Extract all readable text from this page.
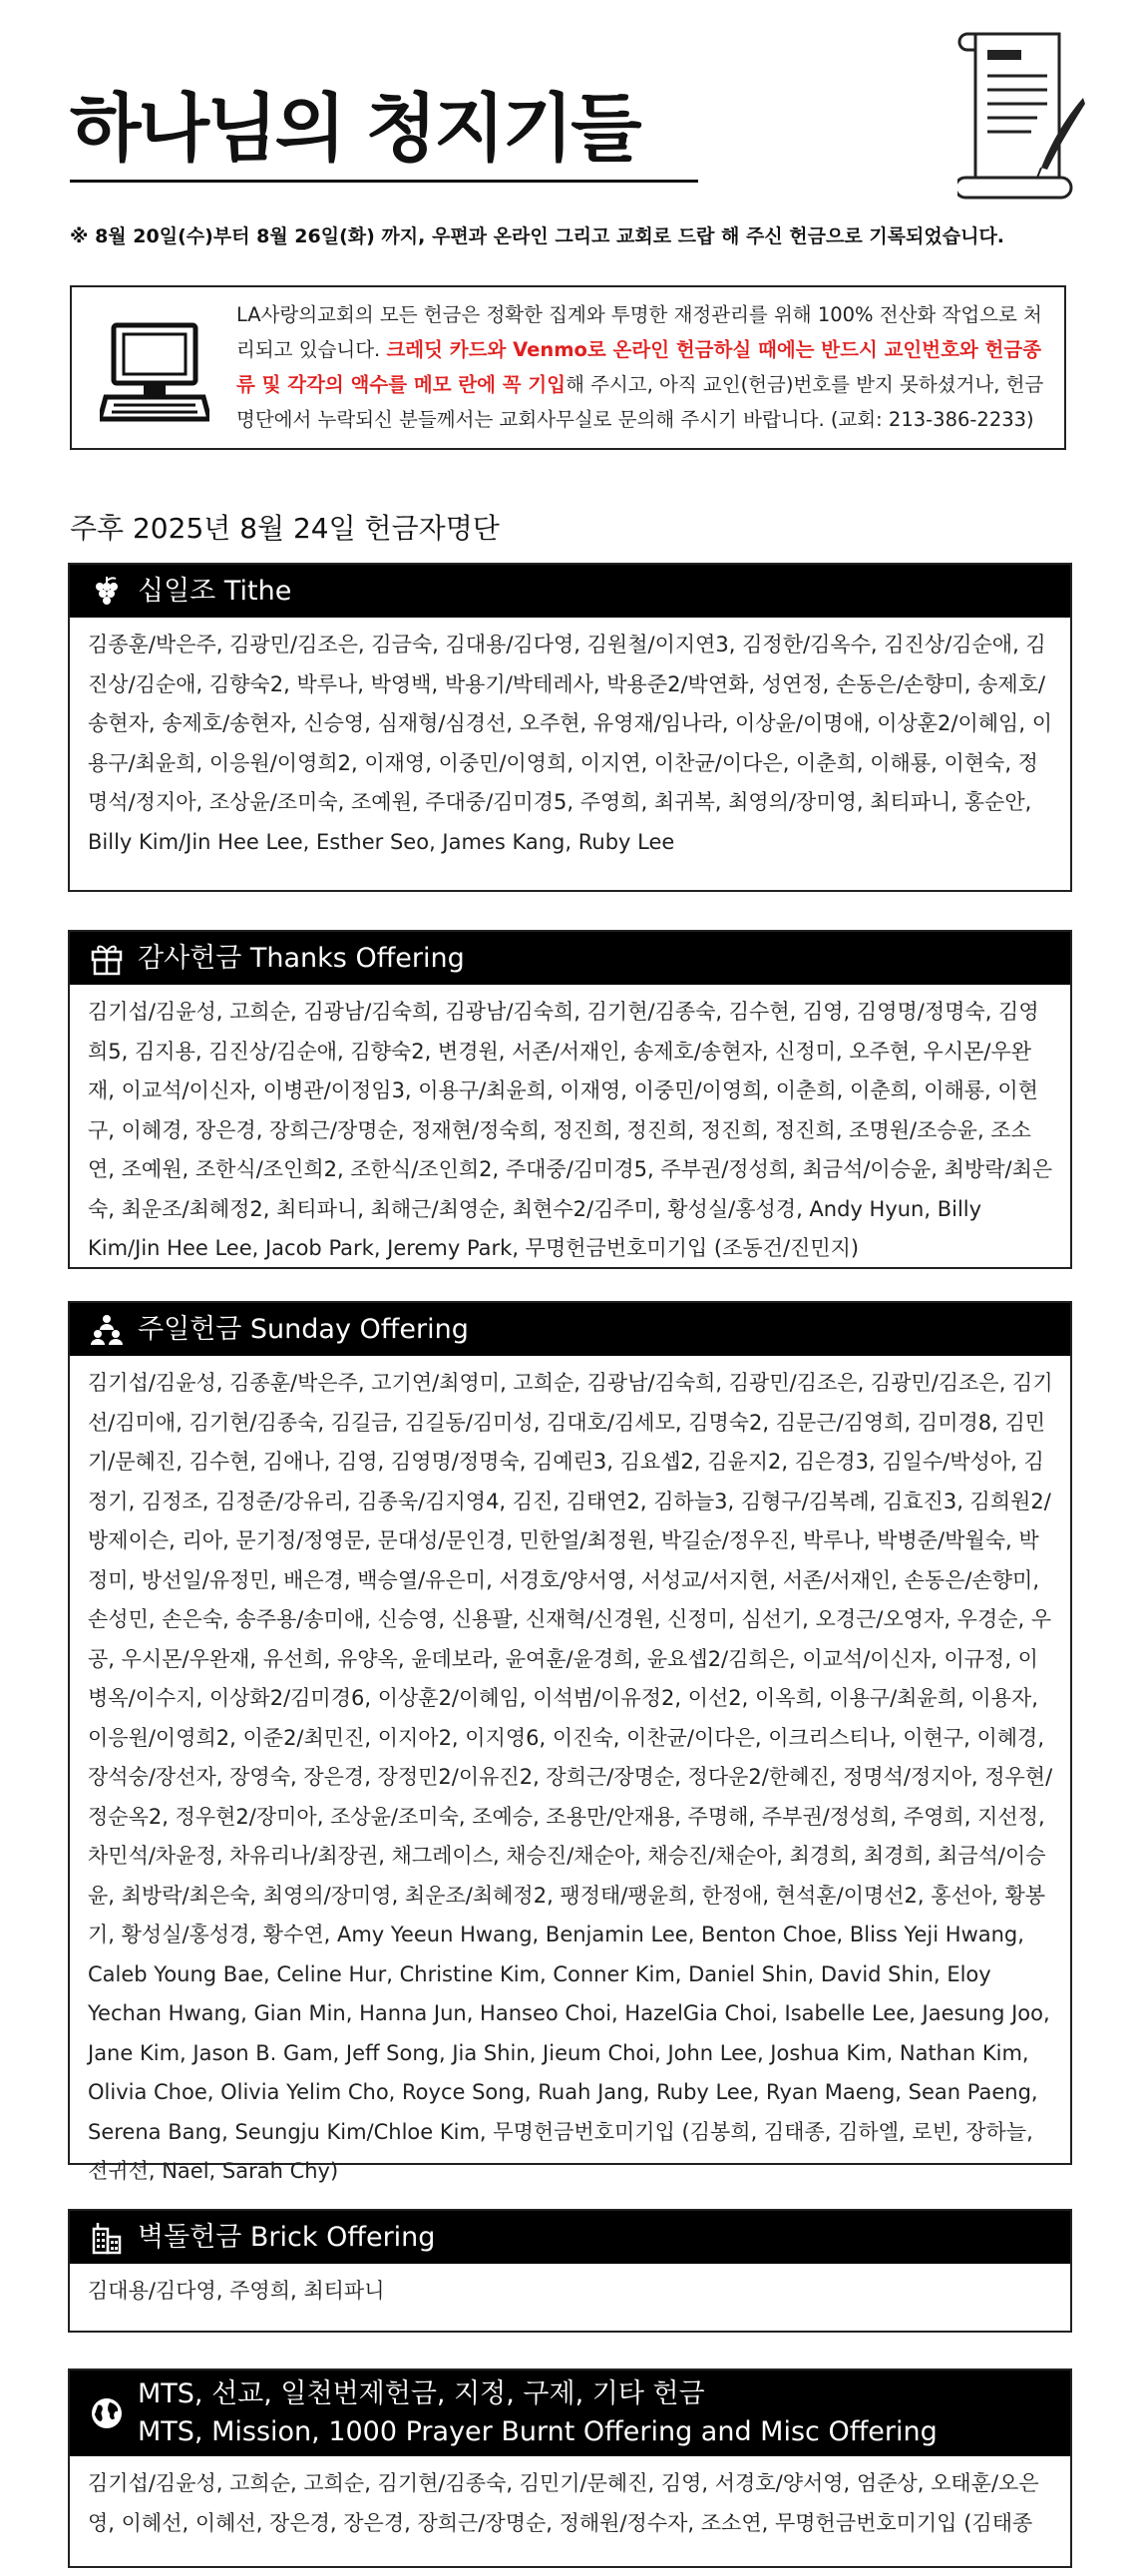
하나님의 청지기들
※ 8월 20일(수)부터 8월 26일(화) 까지, 우편과 온라인 그리고 교회로 드랍 해 주신 헌금으로 기록되었습니다.
LA사랑의교회의 모든 헌금은 정확한 집계와 투명한 재정관리를 위해 100% 전산화 작업으로 처리되고 있습니다. 크레딧 카드와 Venmo로 온라인 헌금하실 때에는 반드시 교인번호와 헌금종류 및 각각의 액수를 메모 란에 꼭 기입해 주시고, 아직 교인(헌금)번호를 받지 못하셨거나, 헌금 명단에서 누락되신 분들께서는 교회사무실로 문의해 주시기 바랍니다. (교회: 213-386-2233)
주후 2025년 8월 24일 헌금자명단
십일조 Tithe
김종훈/박은주, 김광민/김조은, 김금숙, 김대용/김다영, 김원철/이지연3, 김정한/김옥수, 김진상/김순애, 김진상/김순애, 김향숙2, 박루나, 박영백, 박용기/박테레사, 박용준2/박연화, 성연정, 손동은/손향미, 송제호/송현자, 송제호/송현자, 신승영, 심재형/심경선, 오주현, 유영재/임나라, 이상윤/이명애, 이상훈2/이혜임, 이용구/최윤희, 이응원/이영희2, 이재영, 이중민/이영희, 이지연, 이찬균/이다은, 이춘희, 이해룡, 이현숙, 정명석/정지아, 조상윤/조미숙, 조예원, 주대중/김미경5, 주영희, 최귀복, 최영의/장미영, 최티파니, 홍순안, Billy Kim/Jin Hee Lee, Esther Seo, James Kang, Ruby Lee
감사헌금 Thanks Offering
김기섭/김윤성, 고희순, 김광남/김숙희, 김광남/김숙희, 김기현/김종숙, 김수현, 김영, 김영명/정명숙, 김영희5, 김지용, 김진상/김순애, 김향숙2, 변경원, 서존/서재인, 송제호/송현자, 신정미, 오주현, 우시몬/우완재, 이교석/이신자, 이병관/이정임3, 이용구/최윤희, 이재영, 이중민/이영희, 이춘희, 이춘희, 이해룡, 이현구, 이혜경, 장은경, 장희근/장명순, 정재현/정숙희, 정진희, 정진희, 정진희, 정진희, 조명원/조승윤, 조소연, 조예원, 조한식/조인희2, 조한식/조인희2, 주대중/김미경5, 주부권/정성희, 최금석/이승윤, 최방락/최은숙, 최운조/최혜정2, 최티파니, 최해근/최영순, 최현수2/김주미, 황성실/홍성경, Andy Hyun, Billy Kim/Jin Hee Lee, Jacob Park, Jeremy Park, 무명헌금번호미기입 (조동건/진민지)
주일헌금 Sunday Offering
김기섭/김윤성, 김종훈/박은주, 고기연/최영미, 고희순, 김광남/김숙희, 김광민/김조은, 김광민/김조은, 김기선/김미애, 김기현/김종숙, 김길금, 김길동/김미성, 김대호/김세모, 김명숙2, 김문근/김영희, 김미경8, 김민기/문혜진, 김수현, 김애나, 김영, 김영명/정명숙, 김예린3, 김요셉2, 김윤지2, 김은경3, 김일수/박성아, 김정기, 김정조, 김정준/강유리, 김종욱/김지영4, 김진, 김태연2, 김하늘3, 김형구/김복례, 김효진3, 김희원2/방제이슨, 리아, 문기정/정영문, 문대성/문인경, 민한얼/최정원, 박길순/정우진, 박루나, 박병준/박월숙, 박정미, 방선일/유정민, 배은경, 백승열/유은미, 서경호/양서영, 서성교/서지현, 서존/서재인, 손동은/손향미, 손성민, 손은숙, 송주용/송미애, 신승영, 신용팔, 신재혁/신경원, 신정미, 심선기, 오경근/오영자, 우경순, 우공, 우시몬/우완재, 유선희, 유양옥, 윤데보라, 윤여훈/윤경희, 윤요셉2/김희은, 이교석/이신자, 이규정, 이병옥/이수지, 이상화2/김미경6, 이상훈2/이혜임, 이석범/이유정2, 이선2, 이옥희, 이용구/최윤희, 이용자, 이응원/이영희2, 이준2/최민진, 이지아2, 이지영6, 이진숙, 이찬균/이다은, 이크리스티나, 이현구, 이혜경, 장석숭/장선자, 장영숙, 장은경, 장정민2/이유진2, 장희근/장명순, 정다운2/한혜진, 정명석/정지아, 정우현/정순옥2, 정우현2/장미아, 조상윤/조미숙, 조예승, 조용만/안재용, 주명해, 주부권/정성희, 주영희, 지선정, 차민석/차윤정, 차유리나/최장권, 채그레이스, 채승진/채순아, 채승진/채순아, 최경희, 최경희, 최금석/이승윤, 최방락/최은숙, 최영의/장미영, 최운조/최혜정2, 팽정태/팽윤희, 한정애, 현석훈/이명선2, 홍선아, 황봉기, 황성실/홍성경, 황수연, Amy Yeeun Hwang, Benjamin Lee, Benton Choe, Bliss Yeji Hwang, Caleb Young Bae, Celine Hur, Christine Kim, Conner Kim, Daniel Shin, David Shin, Eloy Yechan Hwang, Gian Min, Hanna Jun, Hanseo Choi, HazelGia Choi, Isabelle Lee, Jaesung Joo, Jane Kim, Jason B. Gam, Jeff Song, Jia Shin, Jieum Choi, John Lee, Joshua Kim, Nathan Kim, Olivia Choe, Olivia Yelim Cho, Royce Song, Ruah Jang, Ruby Lee, Ryan Maeng, Sean Paeng, Serena Bang, Seungju Kim/Chloe Kim, 무명헌금번호미기입 (김봉희, 김태종, 김하엘, 로빈, 장하늘, 전귀선, Nael, Sarah Chy)
벽돌헌금 Brick Offering
김대용/김다영, 주영희, 최티파니
MTS, 선교, 일천번제헌금, 지정, 구제, 기타 헌금
MTS, Mission, 1000 Prayer Burnt Offering and Misc Offering
김기섭/김윤성, 고희순, 고희순, 김기현/김종숙, 김민기/문혜진, 김영, 서경호/양서영, 엄준상, 오태훈/오은영, 이혜선, 이혜선, 장은경, 장은경, 장희근/장명순, 정해원/정수자, 조소연, 무명헌금번호미기입 (김태종
